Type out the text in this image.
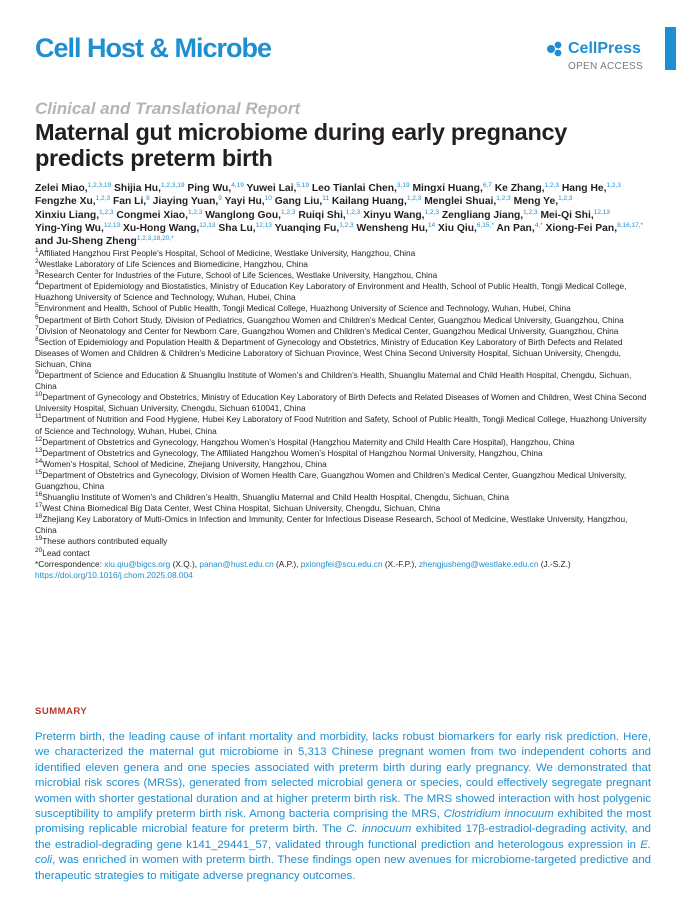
Cell Host & Microbe	CellPress
OPEN ACCESS
Clinical and Translational Report
Maternal gut microbiome during early pregnancy predicts preterm birth
Zelei Miao,$^{1,2,3,19}$ Shijia Hu,$^{1,2,3,19}$ Ping Wu,$^{4,19}$ Yuwei Lai,$^{5,19}$ Leo Tianlai Chen,$^{3,19}$ Mingxi Huang,$^{6,7}$ Ke Zhang,$^{1,2,3}$ Hang He,$^{1,2,3}$ Fengzhe Xu,$^{1,2,3}$ Fan Li,$^8$ Jiaying Yuan,$^9$ Yayi Hu,$^{10}$ Gang Liu,$^{11}$ Kailang Huang,$^{1,2,3}$ Menglei Shuai,$^{1,2,3}$ Meng Ye,$^{1,2,3}$ Xinxiu Liang,$^{1,2,3}$ Congmei Xiao,$^{1,2,3}$ Wanglong Gou,$^{1,2,3}$ Ruiqi Shi,$^{1,2,3}$ Xinyu Wang,$^{1,2,3}$ Zengliang Jiang,$^{1,2,3}$ Mei-Qi Shi,$^{12,13}$ Ying-Ying Wu,$^{12,13}$ Xu-Hong Wang,$^{12,13}$ Sha Lu,$^{12,13}$ Yuanqing Fu,$^{1,2,3}$ Wensheng Hu,$^{14}$ Xiu Qiu,$^{6,15,*}$ An Pan,$^{4,*}$ Xiong-Fei Pan,$^{8,16,17,*}$ and Ju-Sheng Zheng$^{1,2,3,18,20,*}$
$^1$Affiliated Hangzhou First People’s Hospital, School of Medicine, Westlake University, Hangzhou, China
$^2$Westlake Laboratory of Life Sciences and Biomedicine, Hangzhou, China
$^3$Research Center for Industries of the Future, School of Life Sciences, Westlake University, Hangzhou, China
$^4$Department of Epidemiology and Biostatistics, Ministry of Education Key Laboratory of Environment and Health, School of Public Health, Tongji Medical College, Huazhong University of Science and Technology, Wuhan, Hubei, China
$^5$Environment and Health, School of Public Health, Tongji Medical College, Huazhong University of Science and Technology, Wuhan, Hubei, China
$^6$Department of Birth Cohort Study, Division of Pediatrics, Guangzhou Women and Children’s Medical Center, Guangzhou Medical University, Guangzhou, China
$^7$Division of Neonatology and Center for Newborn Care, Guangzhou Women and Children’s Medical Center, Guangzhou Medical University, Guangzhou, China
$^8$Section of Epidemiology and Population Health & Department of Gynecology and Obstetrics, Ministry of Education Key Laboratory of Birth Defects and Related Diseases of Women and Children & Children’s Medicine Laboratory of Sichuan Province, West China Second University Hospital, Sichuan University, Chengdu, Sichuan, China
$^9$Department of Science and Education & Shuangliu Institute of Women’s and Children’s Health, Shuangliu Maternal and Child Health Hospital, Chengdu, Sichuan, China
$^{10}$Department of Gynecology and Obstetrics, Ministry of Education Key Laboratory of Birth Defects and Related Diseases of Women and Children, West China Second University Hospital, Sichuan University, Chengdu, Sichuan 610041, China
$^{11}$Department of Nutrition and Food Hygiene, Hubei Key Laboratory of Food Nutrition and Safety, School of Public Health, Tongji Medical College, Huazhong University of Science and Technology, Wuhan, Hubei, China
$^{12}$Department of Obstetrics and Gynecology, Hangzhou Women’s Hospital (Hangzhou Maternity and Child Health Care Hospital), Hangzhou, China
$^{13}$Department of Obstetrics and Gynecology, The Affiliated Hangzhou Women’s Hospital of Hangzhou Normal University, Hangzhou, China
$^{14}$Women’s Hospital, School of Medicine, Zhejiang University, Hangzhou, China
$^{15}$Department of Obstetrics and Gynecology, Division of Women Health Care, Guangzhou Women and Children’s Medical Center, Guangzhou Medical University, Guangzhou, China
$^{16}$Shuangliu Institute of Women’s and Children’s Health, Shuangliu Maternal and Child Health Hospital, Chengdu, Sichuan, China
$^{17}$West China Biomedical Big Data Center, West China Hospital, Sichuan University, Chengdu, Sichuan, China
$^{18}$Zhejiang Key Laboratory of Multi-Omics in Infection and Immunity, Center for Infectious Disease Research, School of Medicine, Westlake University, Hangzhou, China
$^{19}$These authors contributed equally
$^{20}$Lead contact
*Correspondence: xiu.qiu@bigcs.org (X.Q.), panan@hust.edu.cn (A.P.), pxiongfei@scu.edu.cn (X.-F.P.), zhengjusheng@westlake.edu.cn (J.-S.Z.)
https://doi.org/10.1016/j.chom.2025.08.004
SUMMARY
Preterm birth, the leading cause of infant mortality and morbidity, lacks robust biomarkers for early risk prediction. Here, we characterized the maternal gut microbiome in 5,313 Chinese pregnant women from two independent cohorts and identified eleven genera and one species associated with preterm birth during early pregnancy. We demonstrated that microbial risk scores (MRSs), generated from selected microbial genera or species, could effectively segregate pregnant women with shorter gestational duration and at higher preterm birth risk. The MRS showed interaction with host polygenic susceptibility to amplify preterm birth risk. Among bacteria comprising the MRS, Clostridium innocuum exhibited the most promising replicable microbial feature for preterm birth. The C. innocuum exhibited 17β-estradiol-degrading activity, and the estradiol-degrading gene k141_29441_57, validated through functional prediction and heterologous expression in E. coli, was enriched in women with preterm birth. These findings open new avenues for microbiome-targeted predictive and therapeutic strategies to mitigate adverse pregnancy outcomes.
